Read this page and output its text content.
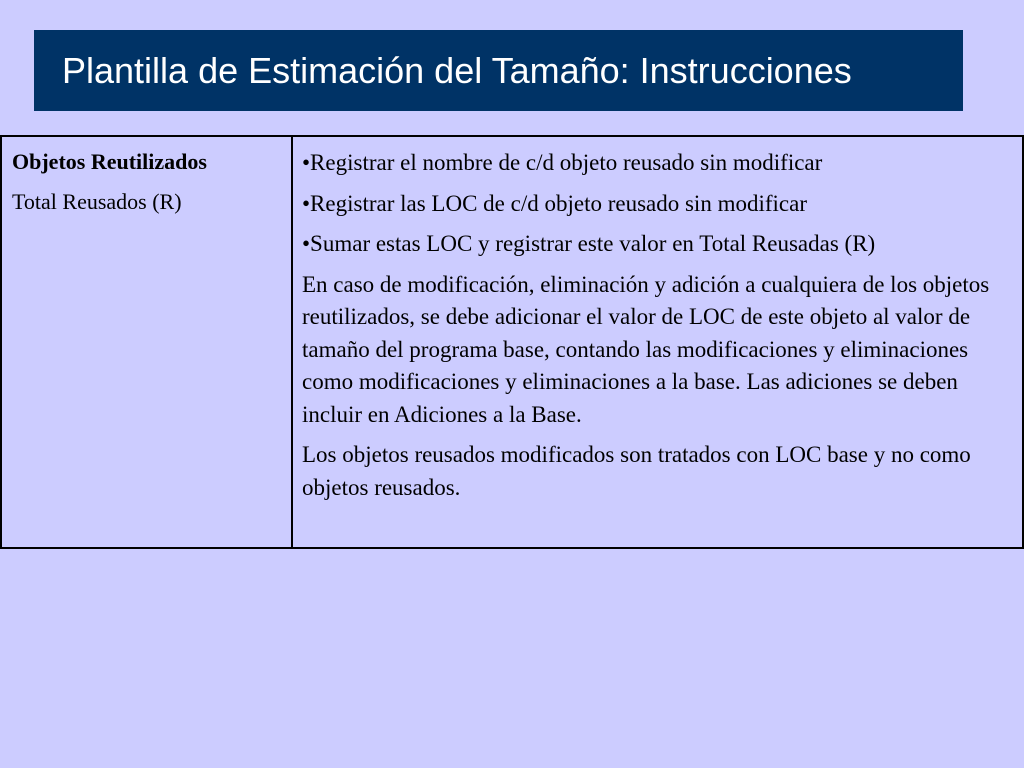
Plantilla de Estimación del Tamaño: Instrucciones

Objetos Reutilizados

Total Reusados (R)

•Registrar el nombre de c/d objeto reusado sin modificar

•Registrar las LOC de c/d objeto reusado sin modificar

•Sumar estas LOC y registrar este valor en Total Reusadas (R)

En caso de modificación, eliminación y adición a cualquiera de los objetos reutilizados, se debe adicionar el valor de LOC de este objeto al valor de tamaño del programa base, contando las modificaciones y eliminaciones como modificaciones y eliminaciones a la base. Las adiciones se deben incluir en Adiciones a la Base.

Los objetos reusados modificados son tratados con LOC base y no como objetos reusados.
